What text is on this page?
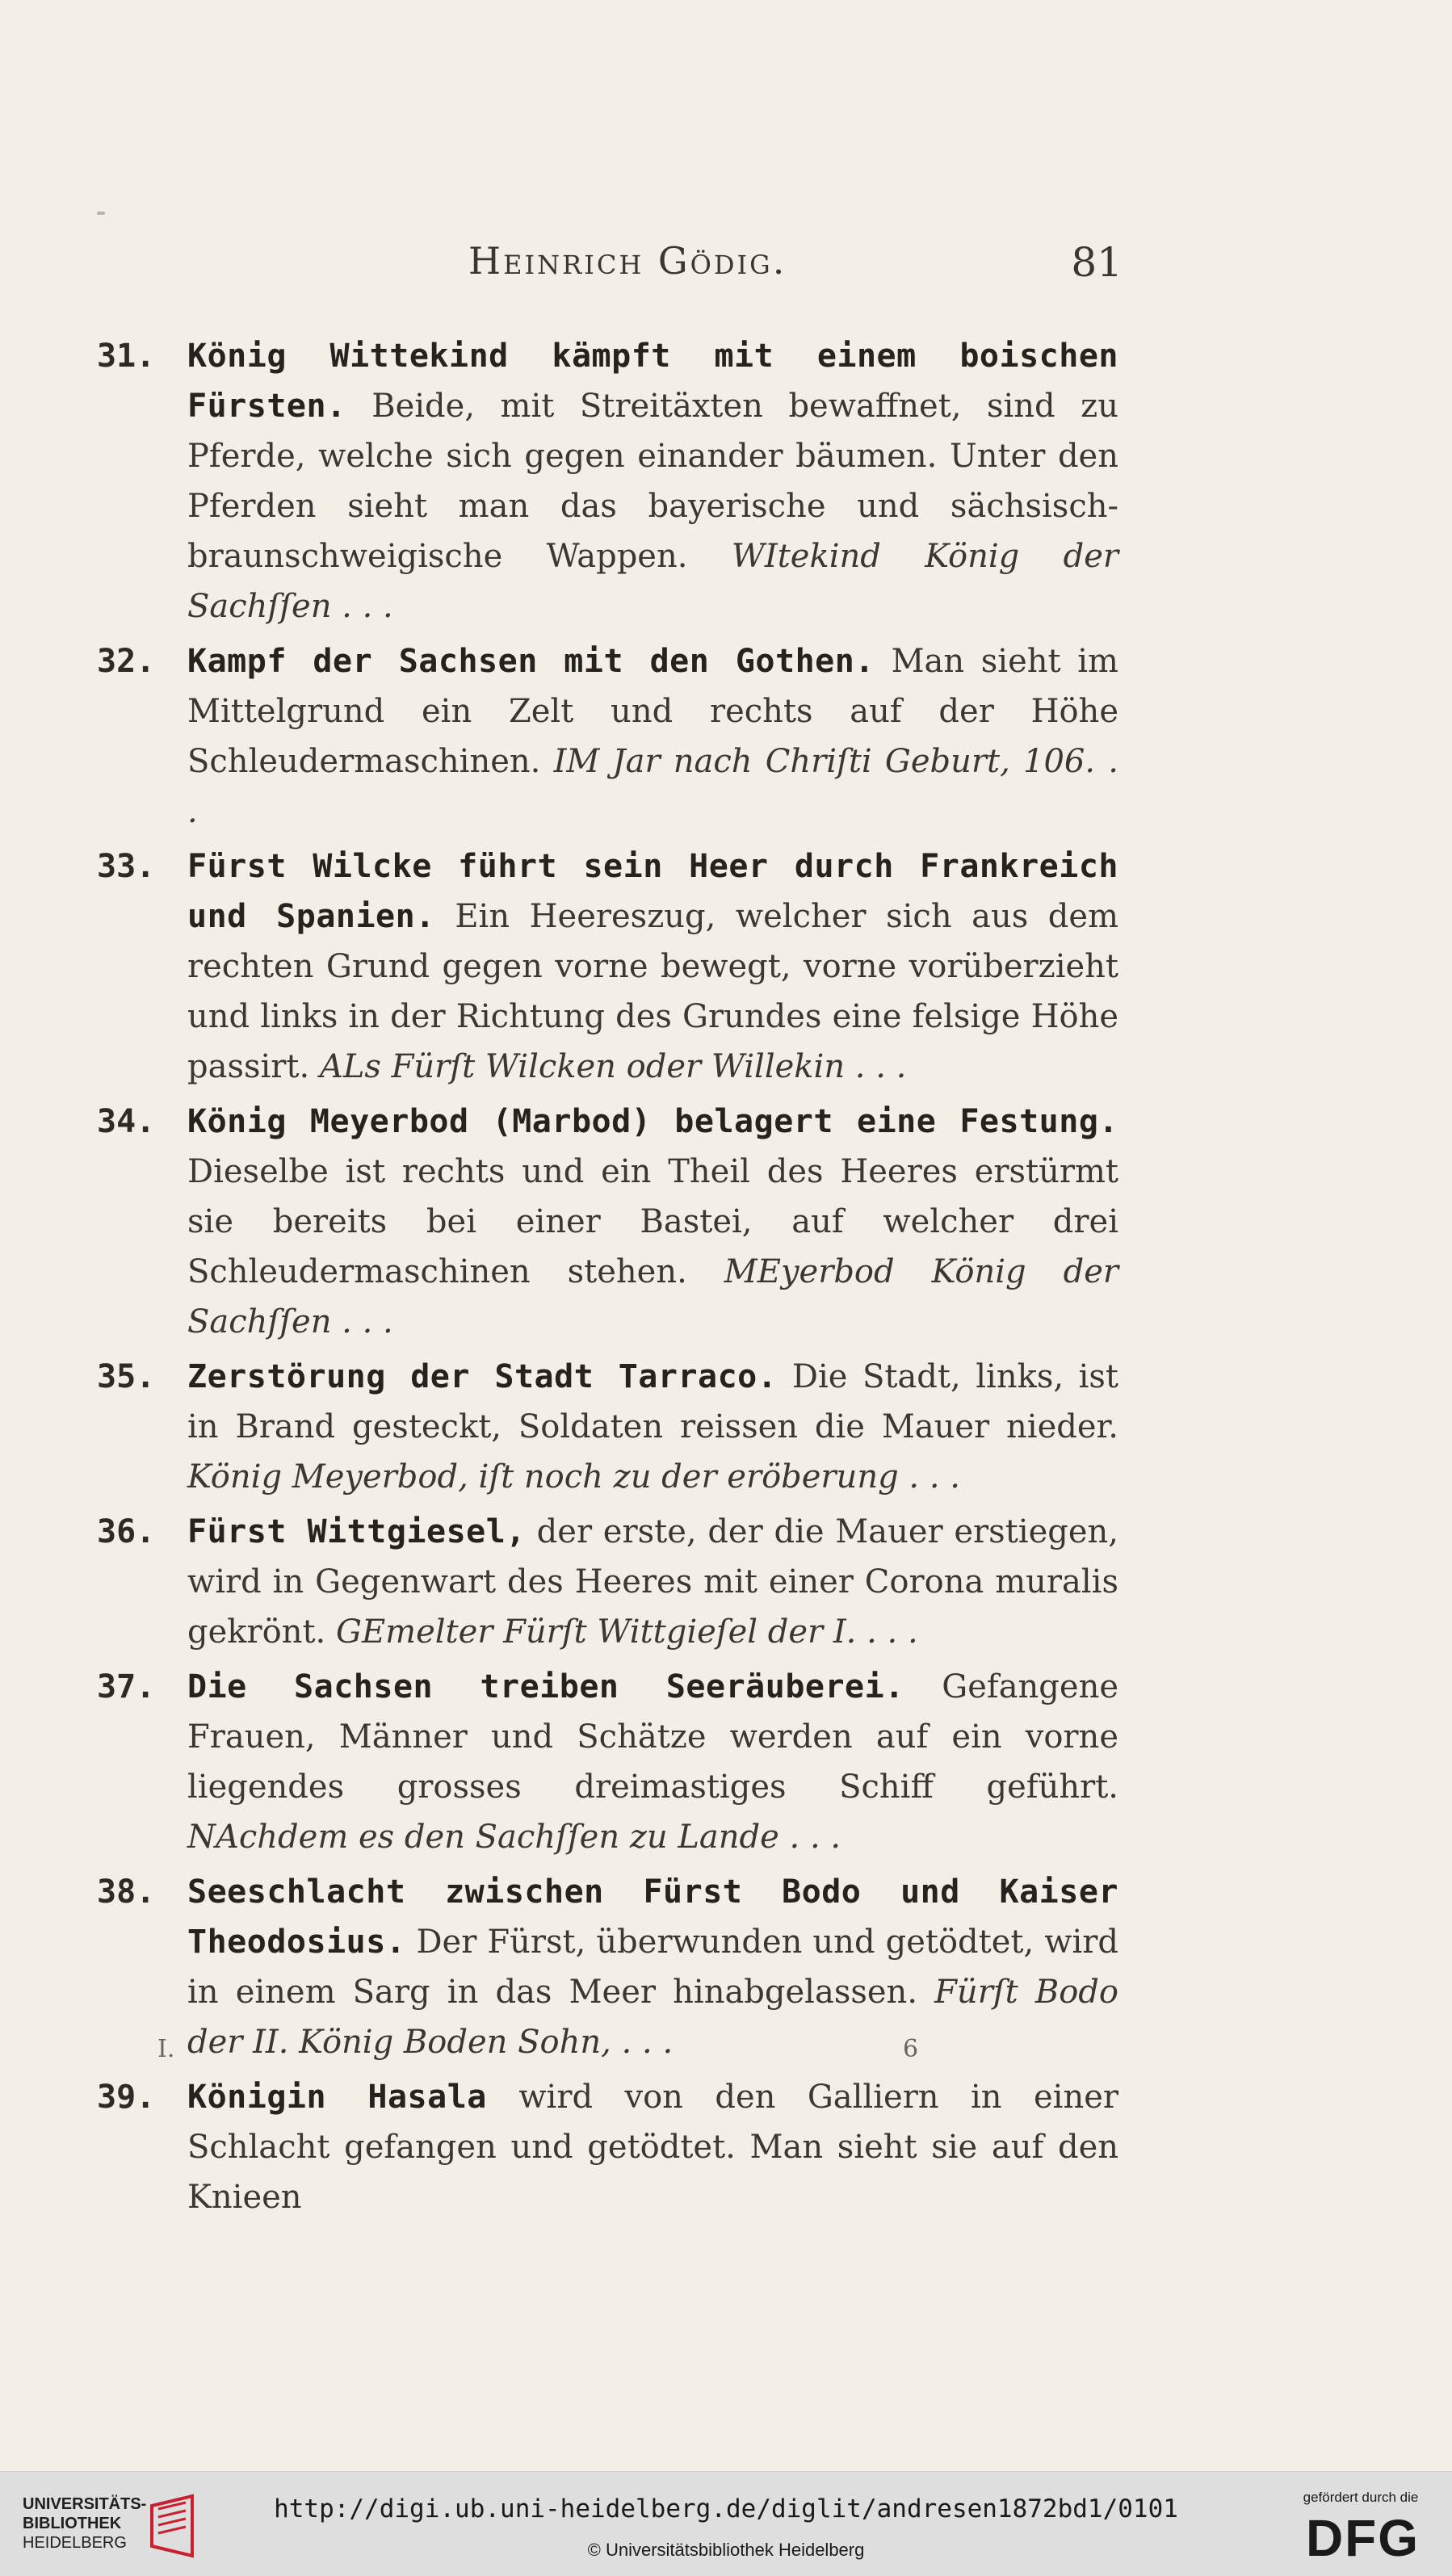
Heinrich Gödig.	81
31. König Wittekind kämpft mit einem boischen Fürsten. Beide, mit Streitäxten bewaffnet, sind zu Pferde, welche sich gegen einander bäumen. Unter den Pferden sieht man das bayerische und sächsisch-braunschweigische Wappen. WItekind König der Sachſſen . . .
32. Kampf der Sachsen mit den Gothen. Man sieht im Mittelgrund ein Zelt und rechts auf der Höhe Schleudermaschinen. IM Jar nach Chriſti Geburt, 106. . .
33. Fürst Wilcke führt sein Heer durch Frankreich und Spanien. Ein Heereszug, welcher sich aus dem rechten Grund gegen vorne bewegt, vorne vorüberzieht und links in der Richtung des Grundes eine felsige Höhe passirt. ALs Fürſt Wilcken oder Willekin . . .
34. König Meyerbod (Marbod) belagert eine Festung. Dieselbe ist rechts und ein Theil des Heeres erstürmt sie bereits bei einer Bastei, auf welcher drei Schleudermaschinen stehen. MEyerbod König der Sachſſen . . .
35. Zerstörung der Stadt Tarraco. Die Stadt, links, ist in Brand gesteckt, Soldaten reissen die Mauer nieder. König Meyerbod, iſt noch zu der eröberung . . .
36. Fürst Wittgiesel, der erste, der die Mauer erstiegen, wird in Gegenwart des Heeres mit einer Corona muralis gekrönt. GEmelter Fürſt Wittgieſel der I. . . .
37. Die Sachsen treiben Seeräuberei. Gefangene Frauen, Männer und Schätze werden auf ein vorne liegendes grosses dreimastiges Schiff geführt. NAchdem es den Sachſſen zu Lande . . .
38. Seeschlacht zwischen Fürst Bodo und Kaiser Theodosius. Der Fürst, überwunden und getödtet, wird in einem Sarg in das Meer hinabgelassen. Fürſt Bodo der II. König Boden Sohn, . . .
39. Königin Hasala wird von den Galliern in einer Schlacht gefangen und getödtet. Man sieht sie auf den Knieen
I.	6
UNIVERSITÄTS-
BIBLIOTHEK
HEIDELBERG
http://digi.ub.uni-heidelberg.de/diglit/andresen1872bd1/0101
© Universitätsbibliothek Heidelberg
gefördert durch die
DFG
